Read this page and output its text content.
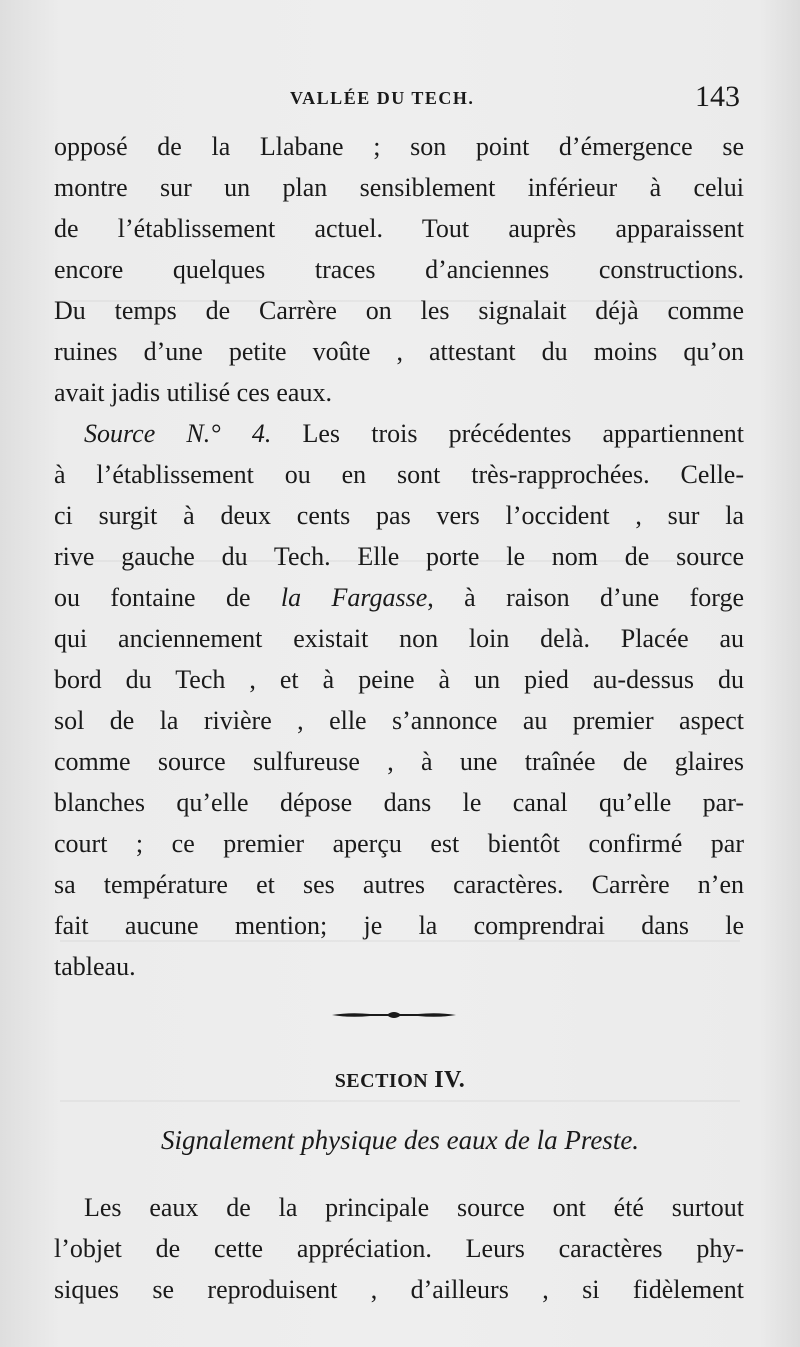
VALLÉE DU TECH.	143
opposé de la Llabane ; son point d’émergence se
montre sur un plan sensiblement inférieur à celui
de l’établissement actuel. Tout auprès apparaissent
encore quelques traces d’anciennes constructions.
Du temps de Carrère on les signalait déjà comme
ruines d’une petite voûte , attestant du moins qu’on
avait jadis utilisé ces eaux.
Source N.° 4. Les trois précédentes appartiennent
à l’établissement ou en sont très-rapprochées. Celle-
ci surgit à deux cents pas vers l’occident , sur la
rive gauche du Tech. Elle porte le nom de source
ou fontaine de la Fargasse, à raison d’une forge
qui anciennement existait non loin delà. Placée au
bord du Tech , et à peine à un pied au-dessus du
sol de la rivière , elle s’annonce au premier aspect
comme source sulfureuse , à une traînée de glaires
blanches qu’elle dépose dans le canal qu’elle par-
court ; ce premier aperçu est bientôt confirmé par
sa température et ses autres caractères. Carrère n’en
fait aucune mention; je la comprendrai dans le
tableau.
SECTION IV.
Signalement physique des eaux de la Preste.
Les eaux de la principale source ont été surtout
l’objet de cette appréciation. Leurs caractères phy-
siques se reproduisent , d’ailleurs , si fidèlement
